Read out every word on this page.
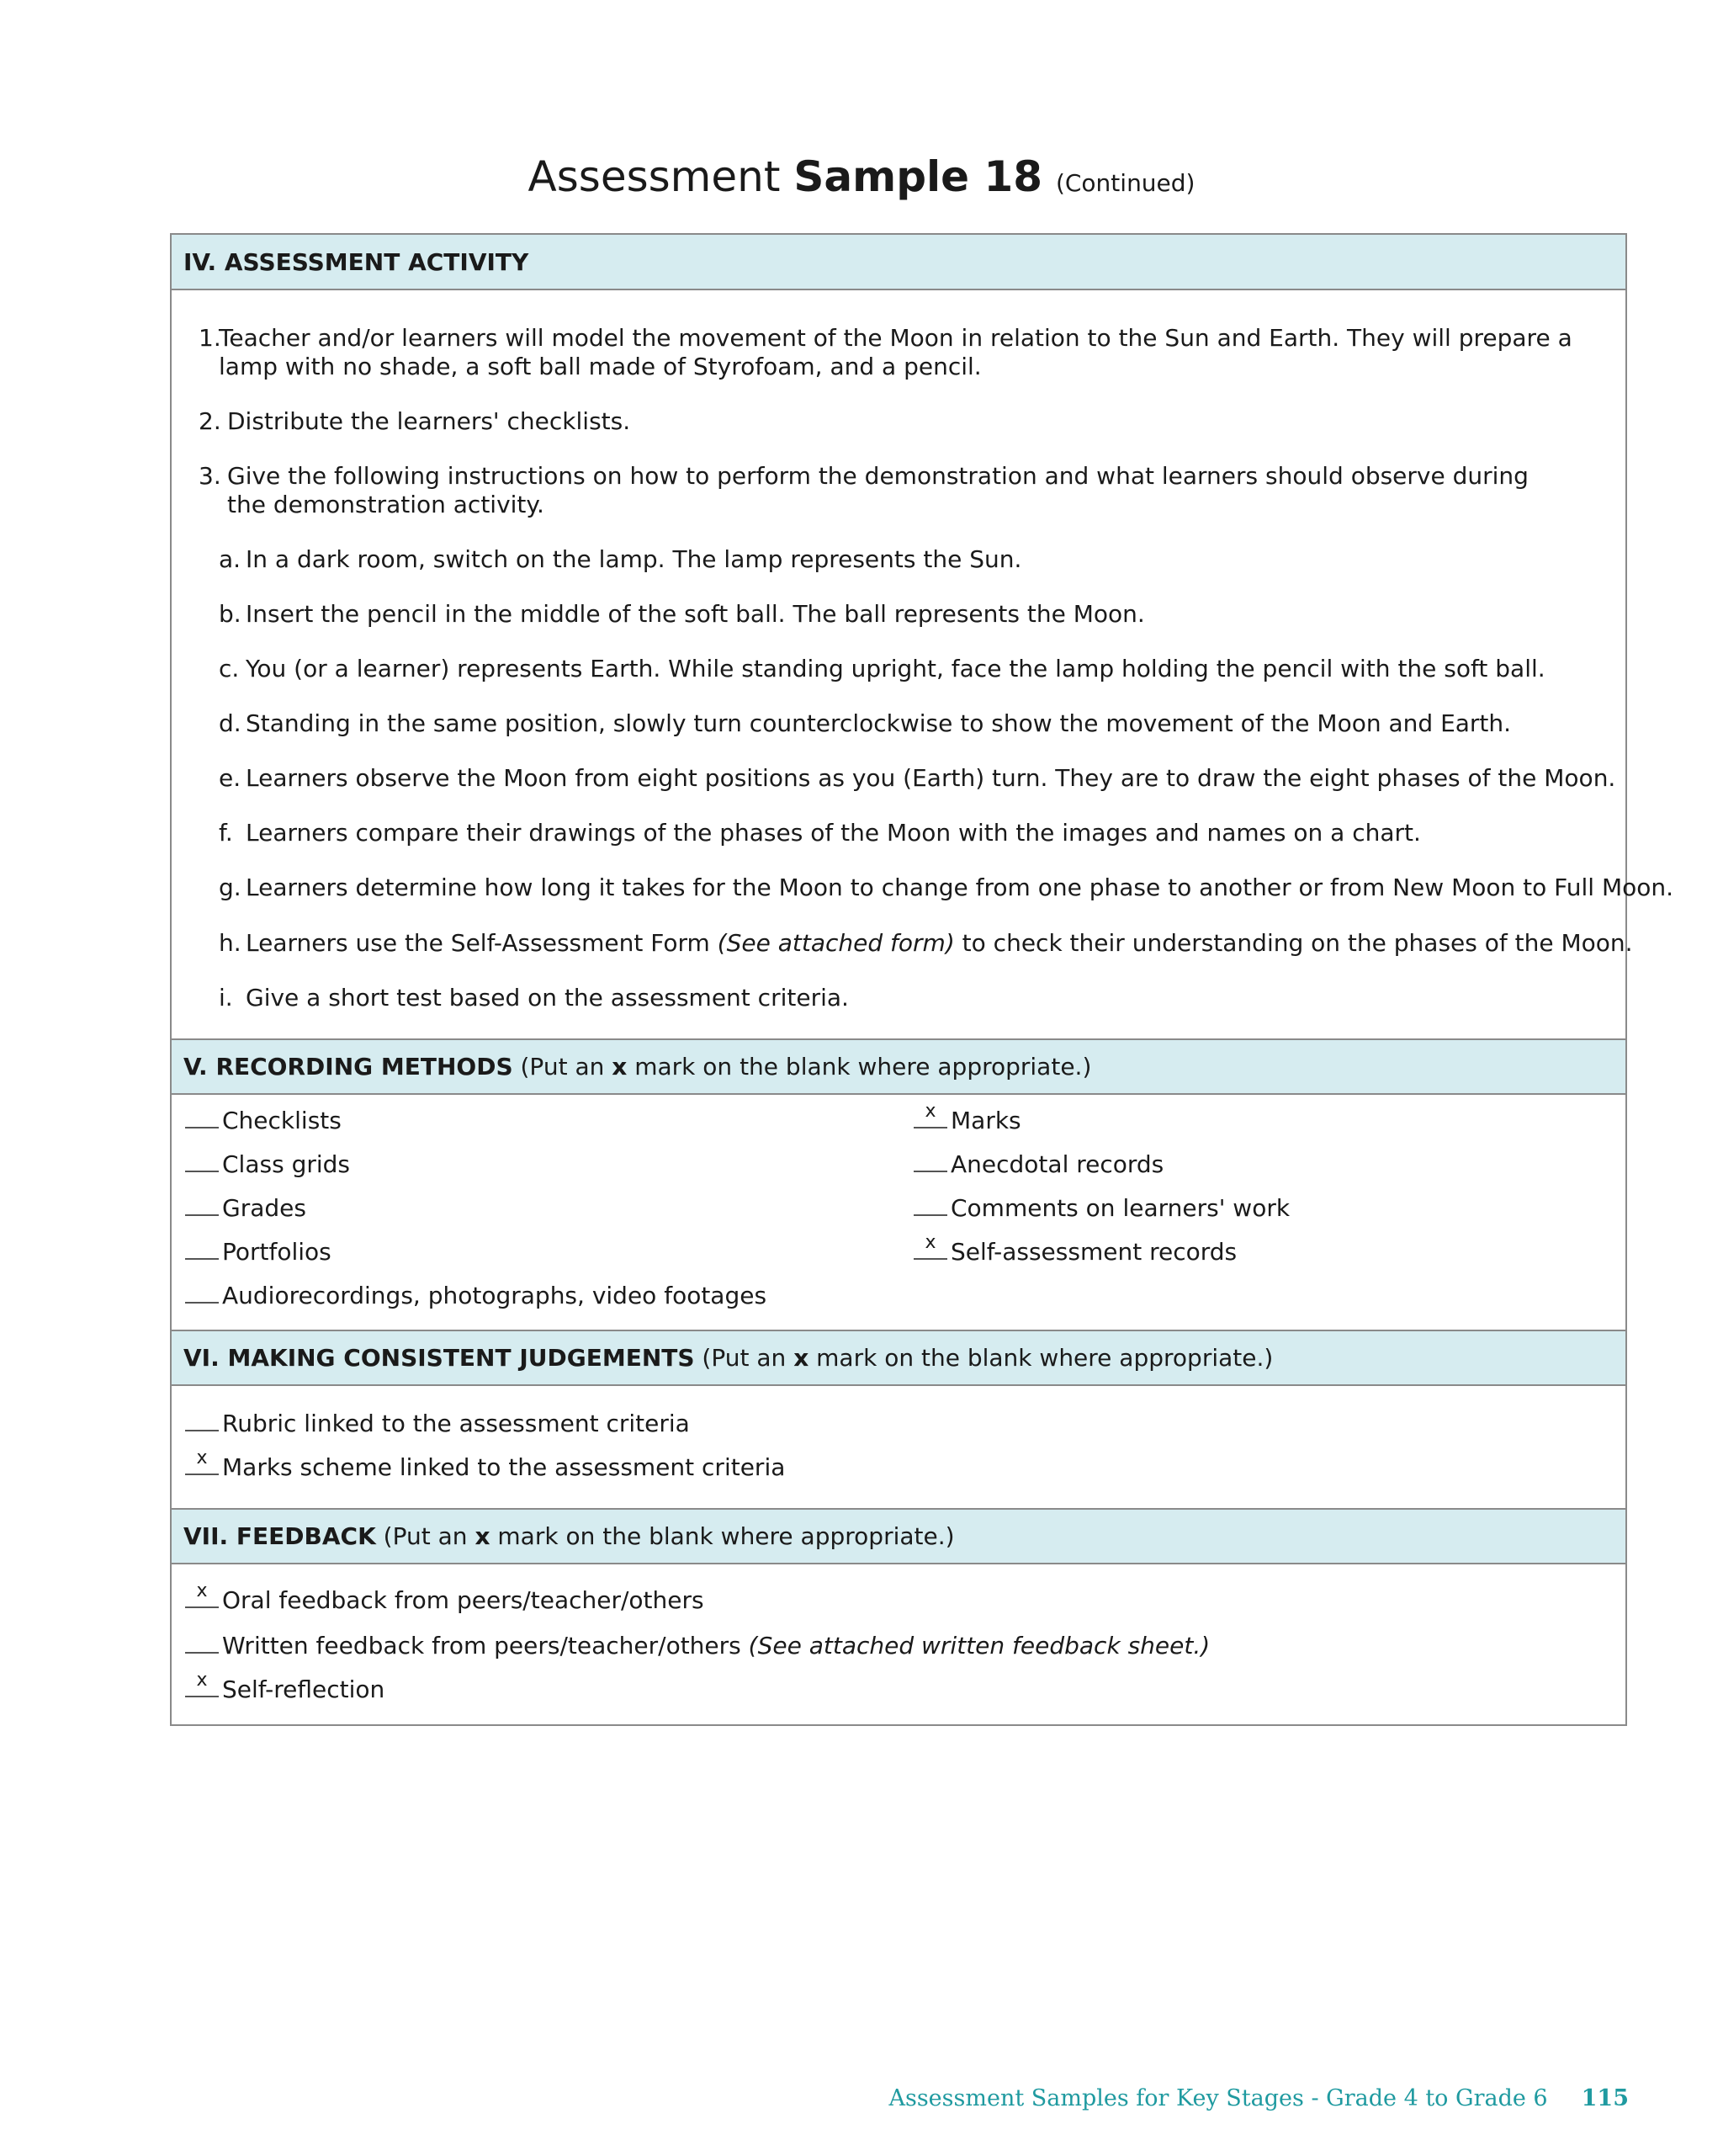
Assessment Sample 18 (Continued)
IV. ASSESSMENT ACTIVITY
1.
Teacher and/or learners will model the movement of the Moon in relation to the Sun and Earth. They will prepare a lamp with no shade, a soft ball made of Styrofoam, and a pencil.
2. Distribute the learners' checklists.
3. Give the following instructions on how to perform the demonstration and what learners should observe during the demonstration activity.
a. In a dark room, switch on the lamp. The lamp represents the Sun.
b. Insert the pencil in the middle of the soft ball. The ball represents the Moon.
c. You (or a learner) represents Earth. While standing upright, face the lamp holding the pencil with the soft ball.
d. Standing in the same position, slowly turn counterclockwise to show the movement of the Moon and Earth.
e. Learners observe the Moon from eight positions as you (Earth) turn. They are to draw the eight phases of the Moon.
f. Learners compare their drawings of the phases of the Moon with the images and names on a chart.
g. Learners determine how long it takes for the Moon to change from one phase to another or from New Moon to Full Moon.
h. Learners use the Self-Assessment Form (See attached form) to check their understanding on the phases of the Moon.
i. Give a short test based on the assessment criteria.
V. RECORDING METHODS (Put an x mark on the blank where appropriate.)
Checklists
Class grids
Grades
Portfolios
Audiorecordings, photographs, video footages
x Marks
Anecdotal records
Comments on learners' work
x Self-assessment records
VI. MAKING CONSISTENT JUDGEMENTS (Put an x mark on the blank where appropriate.)
Rubric linked to the assessment criteria
x Marks scheme linked to the assessment criteria
VII. FEEDBACK (Put an x mark on the blank where appropriate.)
x Oral feedback from peers/teacher/others
Written feedback from peers/teacher/others (See attached written feedback sheet.)
x Self-reflection
Assessment Samples for Key Stages - Grade 4 to Grade 6 115
